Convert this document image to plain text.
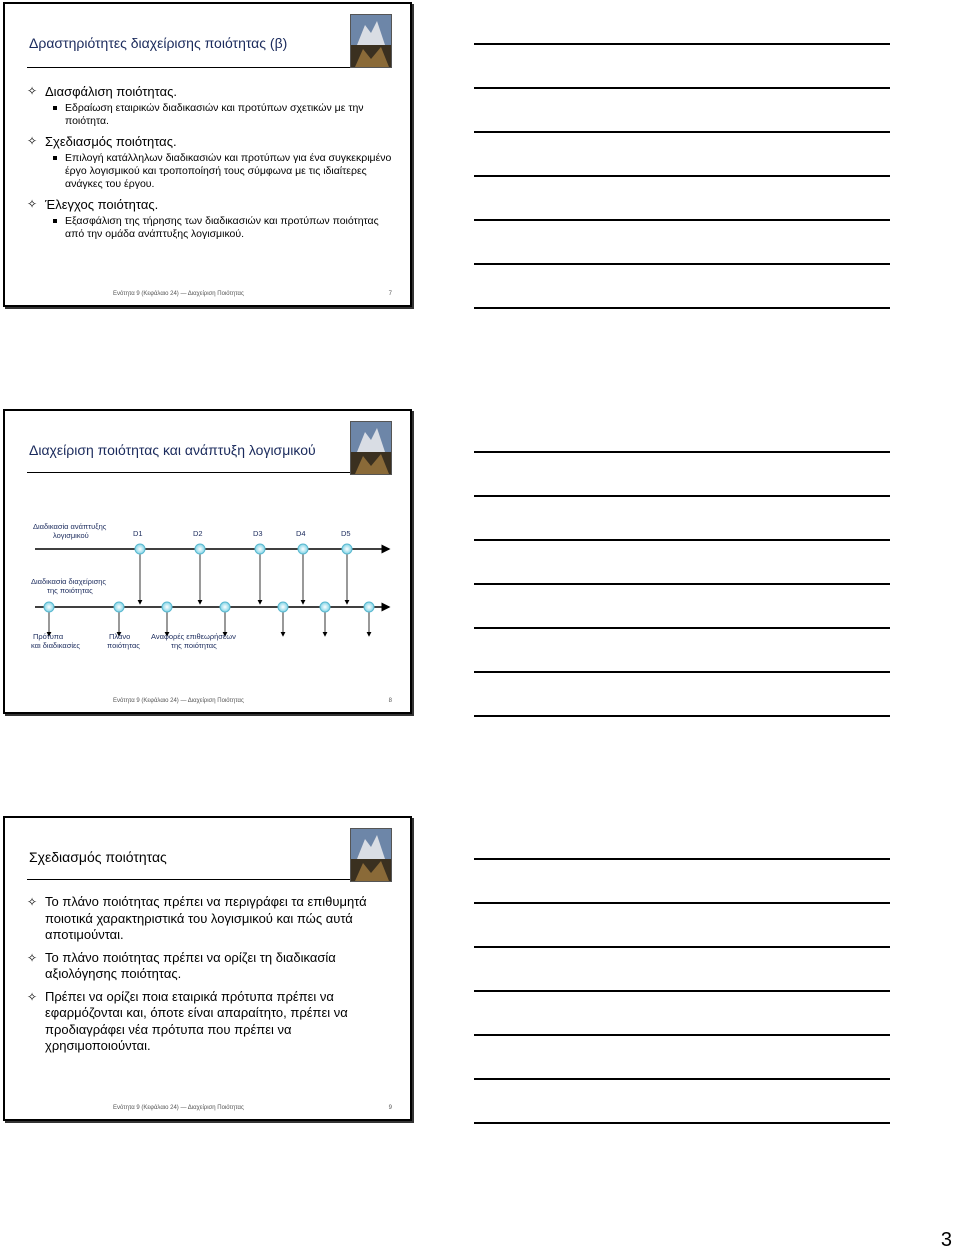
Δραστηριότητες διαχείρισης ποιότητας (β)
✧ Διασφάλιση ποιότητας.
Εδραίωση εταιρικών διαδικασιών και προτύπων σχετικών με την ποιότητα.
✧ Σχεδιασμός ποιότητας.
Επιλογή κατάλληλων διαδικασιών και προτύπων για ένα συγκεκριμένο έργο λογισμικού και τροποποίησή τους σύμφωνα με τις ιδιαίτερες ανάγκες του έργου.
✧ Έλεγχος ποιότητας.
Εξασφάλιση της τήρησης των διαδικασιών και προτύπων ποιότητας από την ομάδα ανάπτυξης λογισμικού.
Ενότητα 9 (Κεφάλαιο 24) — Διαχείριση Ποιότητας	7
Διαχείριση ποιότητας και ανάπτυξη λογισμικού
Διαδικασία ανάπτυξης
λογισμικού
Διαδικασία διαχείρισης
της ποιότητας
D1	D2	D3	D4	D5
Πρότυπα
και διαδικασίες
Πλάνο
ποιότητας
Αναφορές επιθεωρήσεων
της ποιότητας
Ενότητα 9 (Κεφάλαιο 24) — Διαχείριση Ποιότητας	8
Σχεδιασμός ποιότητας
✧ Το πλάνο ποιότητας πρέπει να περιγράφει τα επιθυμητά ποιοτικά χαρακτηριστικά του λογισμικού και πώς αυτά αποτιμούνται.
✧ Το πλάνο ποιότητας πρέπει να ορίζει τη διαδικασία αξιολόγησης ποιότητας.
✧ Πρέπει να ορίζει ποια εταιρικά πρότυπα πρέπει να εφαρμόζονται και, όποτε είναι απαραίτητο, πρέπει να προδιαγράφει νέα πρότυπα που πρέπει να χρησιμοποιούνται.
Ενότητα 9 (Κεφάλαιο 24) — Διαχείριση Ποιότητας	9
3
